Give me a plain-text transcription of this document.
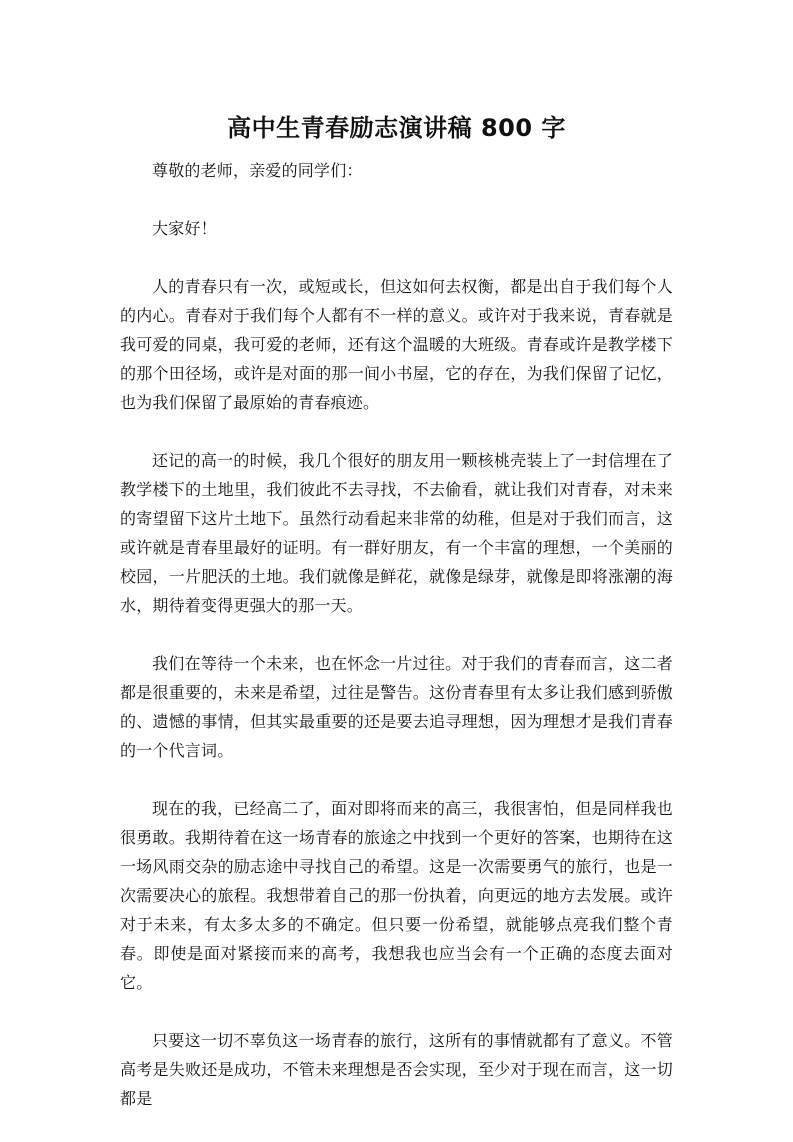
高中生青春励志演讲稿 800 字

尊敬的老师，亲爱的同学们：

大家好！

人的青春只有一次，或短或长，但这如何去权衡，都是出自于我们每个人的内心。青春对于我们每个人都有不一样的意义。或许对于我来说，青春就是我可爱的同桌，我可爱的老师，还有这个温暖的大班级。青春或许是教学楼下的那个田径场，或许是对面的那一间小书屋，它的存在，为我们保留了记忆，也为我们保留了最原始的青春痕迹。

还记的高一的时候，我几个很好的朋友用一颗核桃壳装上了一封信埋在了教学楼下的土地里，我们彼此不去寻找，不去偷看，就让我们对青春，对未来的寄望留下这片土地下。虽然行动看起来非常的幼稚，但是对于我们而言，这或许就是青春里最好的证明。有一群好朋友，有一个丰富的理想，一个美丽的校园，一片肥沃的土地。我们就像是鲜花，就像是绿芽，就像是即将涨潮的海水，期待着变得更强大的那一天。

我们在等待一个未来，也在怀念一片过往。对于我们的青春而言，这二者都是很重要的，未来是希望，过往是警告。这份青春里有太多让我们感到骄傲的、遗憾的事情，但其实最重要的还是要去追寻理想，因为理想才是我们青春的一个代言词。

现在的我，已经高二了，面对即将而来的高三，我很害怕，但是同样我也很勇敢。我期待着在这一场青春的旅途之中找到一个更好的答案，也期待在这一场风雨交杂的励志途中寻找自己的希望。这是一次需要勇气的旅行，也是一次需要决心的旅程。我想带着自己的那一份执着，向更远的地方去发展。或许对于未来，有太多太多的不确定。但只要一份希望，就能够点亮我们整个青春。即使是面对紧接而来的高考，我想我也应当会有一个正确的态度去面对它。

只要这一切不辜负这一场青春的旅行，这所有的事情就都有了意义。不管高考是失败还是成功，不管未来理想是否会实现，至少对于现在而言，这一切都是
